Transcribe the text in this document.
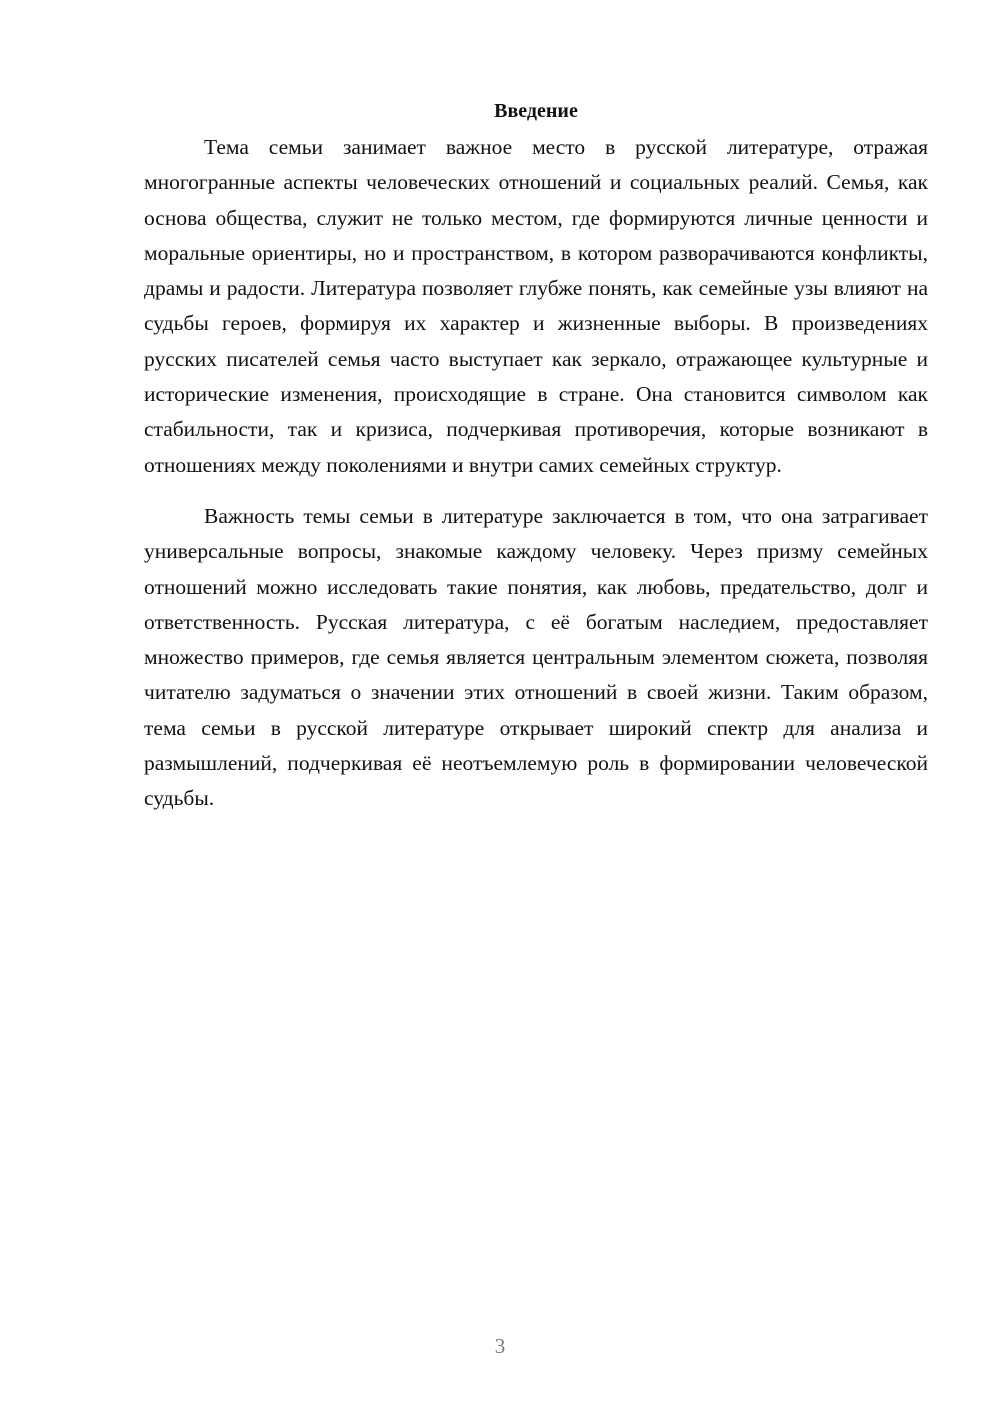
Введение

Тема семьи занимает важное место в русской литературе, отражая многогранные аспекты человеческих отношений и социальных реалий. Семья, как основа общества, служит не только местом, где формируются личные ценности и моральные ориентиры, но и пространством, в котором разворачиваются конфликты, драмы и радости. Литература позволяет глубже понять, как семейные узы влияют на судьбы героев, формируя их характер и жизненные выборы. В произведениях русских писателей семья часто выступает как зеркало, отражающее культурные и исторические изменения, происходящие в стране. Она становится символом как стабильности, так и кризиса, подчеркивая противоречия, которые возникают в отношениях между поколениями и внутри самих семейных структур.

Важность темы семьи в литературе заключается в том, что она затрагивает универсальные вопросы, знакомые каждому человеку. Через призму семейных отношений можно исследовать такие понятия, как любовь, предательство, долг и ответственность. Русская литература, с её богатым наследием, предоставляет множество примеров, где семья является центральным элементом сюжета, позволяя читателю задуматься о значении этих отношений в своей жизни. Таким образом, тема семьи в русской литературе открывает широкий спектр для анализа и размышлений, подчеркивая её неотъемлемую роль в формировании человеческой судьбы.

3
